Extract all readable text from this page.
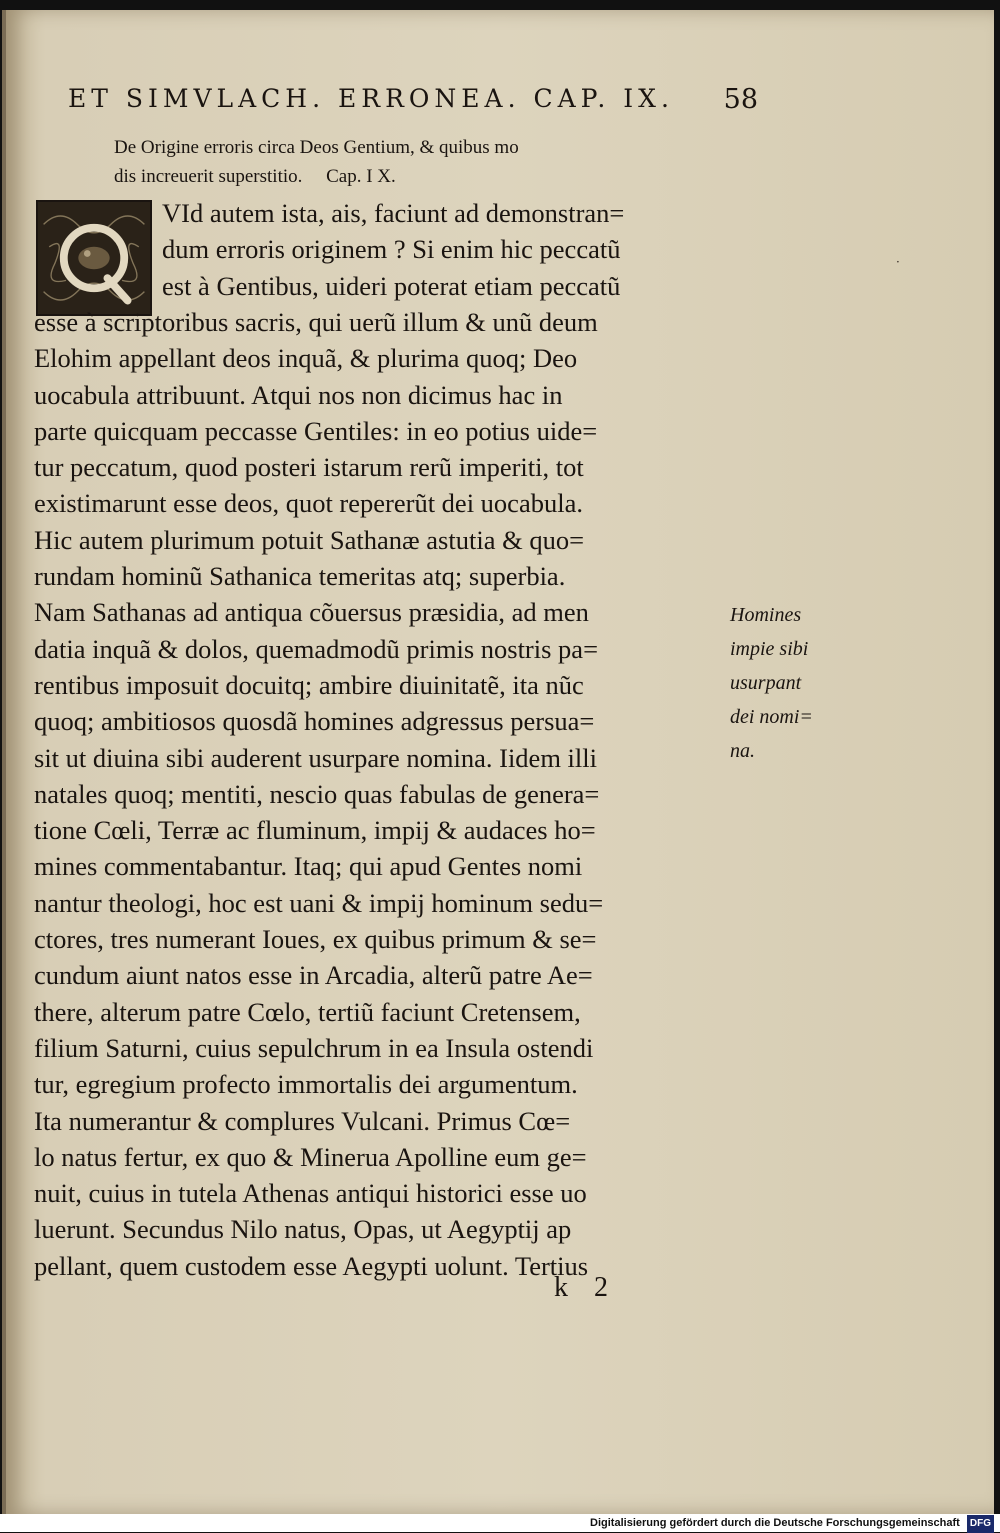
ET SIMVLACH. ERRONEA. CAP. IX. 58
De Origine erroris circa Deos Gentium, & quibus mo
dis increuerit superstitio.     Cap. I X.
VId autem ista, ais, faciunt ad demonstran=
dum erroris originem ? Si enim hic peccatũ
est à Gentibus, uideri poterat etiam peccatũ
esse à scriptoribus sacris, qui uerũ illum & unũ deum
Elohim appellant deos inquã, & plurima quoq; Deo
uocabula attribuunt. Atqui nos non dicimus hac in
parte quicquam peccasse Gentiles: in eo potius uide=
tur peccatum, quod posteri istarum rerũ imperiti, tot
existimarunt esse deos, quot repererũt dei uocabula.
Hic autem plurimum potuit Sathanæ astutia & quo=
rundam hominũ Sathanica temeritas atq; superbia.
Nam Sathanas ad antiqua cõuersus præsidia, ad men
datia inquã & dolos, quemadmodũ primis nostris pa=
rentibus imposuit docuitq; ambire diuinitatẽ, ita nũc
quoq; ambitiosos quosdã homines adgressus persua=
sit ut diuina sibi auderent usurpare nomina. Iidem illi
natales quoq; mentiti, nescio quas fabulas de genera=
tione Cœli, Terræ ac fluminum, impij & audaces ho=
mines commentabantur. Itaq; qui apud Gentes nomi
nantur theologi, hoc est uani & impij hominum sedu=
ctores, tres numerant Ioues, ex quibus primum & se=
cundum aiunt natos esse in Arcadia, alterũ patre Ae=
there, alterum patre Cœlo, tertiũ faciunt Cretensem,
filium Saturni, cuius sepulchrum in ea Insula ostendi
tur, egregium profecto immortalis dei argumentum.
Ita numerantur & complures Vulcani. Primus Cœ=
lo natus fertur, ex quo & Minerua Apolline eum ge=
nuit, cuius in tutela Athenas antiqui historici esse uo
luerunt. Secundus Nilo natus, Opas, ut Aegyptij ap
pellant, quem custodem esse Aegypti uolunt. Tertius
Homines
impie sibi
usurpant
dei nomi=
na.
k  2
·
Digitalisierung gefördert durch die Deutsche Forschungsgemeinschaft DFG
